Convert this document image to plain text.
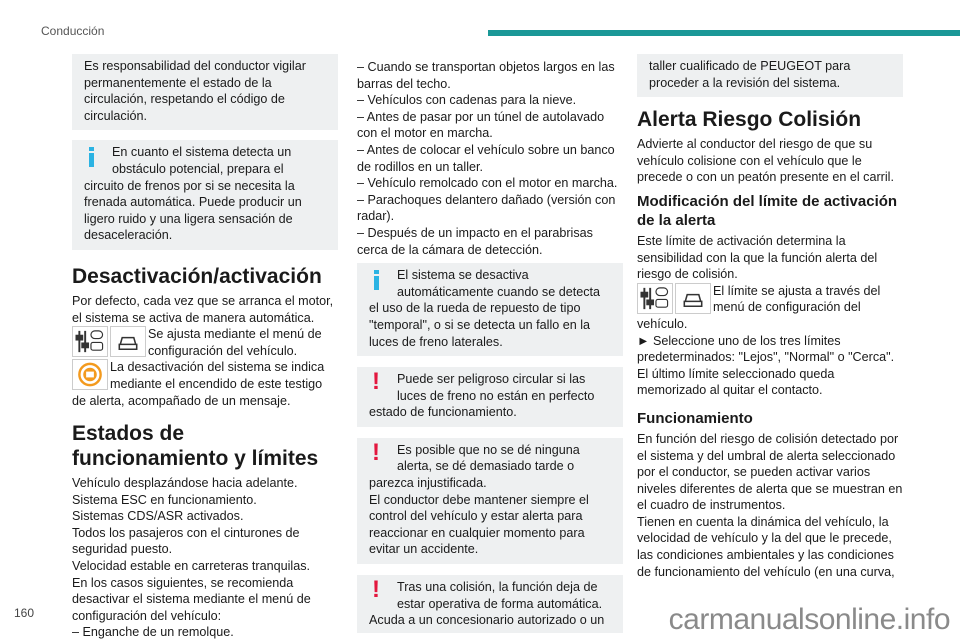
Conducción
160	carmanualsonline.info

Es responsabilidad del conductor vigilar permanentemente el estado de la circulación, respetando el código de circulación.

En cuanto el sistema detecta un obstáculo potencial, prepara el circuito de frenos por si se necesita la frenada automática. Puede producir un ligero ruido y una ligera sensación de desaceleración.

Desactivación/activación

Por defecto, cada vez que se arranca el motor, el sistema se activa de manera automática.

Se ajusta mediante el menú de configuración del vehículo.

La desactivación del sistema se indica mediante el encendido de este testigo de alerta, acompañado de un mensaje.

Estados de funcionamiento y límites

Vehículo desplazándose hacia adelante.

Sistema ESC en funcionamiento.

Sistemas CDS/ASR activados.

Todos los pasajeros con el cinturones de seguridad puesto.

Velocidad estable en carreteras tranquilas.

En los casos siguientes, se recomienda desactivar el sistema mediante el menú de configuración del vehículo:

– Enganche de un remolque.

– Cuando se transportan objetos largos en las barras del techo.

– Vehículos con cadenas para la nieve.

– Antes de pasar por un túnel de autolavado con el motor en marcha.

– Antes de colocar el vehículo sobre un banco de rodillos en un taller.

– Vehículo remolcado con el motor en marcha.

– Parachoques delantero dañado (versión con radar).

– Después de un impacto en el parabrisas cerca de la cámara de detección.

El sistema se desactiva automáticamente cuando se detecta el uso de la rueda de repuesto de tipo "temporal", o si se detecta un fallo en la luces de freno laterales.

!	Puede ser peligroso circular si las luces de freno no están en perfecto estado de funcionamiento.

!	Es posible que no se dé ninguna alerta, se dé demasiado tarde o parezca injustificada.

El conductor debe mantener siempre el control del vehículo y estar alerta para reaccionar en cualquier momento para evitar un accidente.

!	Tras una colisión, la función deja de estar operativa de forma automática. Acuda a un concesionario autorizado o un

taller cualificado de PEUGEOT para proceder a la revisión del sistema.

Alerta Riesgo Colisión

Advierte al conductor del riesgo de que su vehículo colisione con el vehículo que le precede o con un peatón presente en el carril.

Modificación del límite de activación de la alerta

Este límite de activación determina la sensibilidad con la que la función alerta del riesgo de colisión.

El límite se ajusta a través del menú de configuración del vehículo.

► Seleccione uno de los tres límites predeterminados: "Lejos", "Normal" o "Cerca".

El último límite seleccionado queda memorizado al quitar el contacto.

Funcionamiento

En función del riesgo de colisión detectado por el sistema y del umbral de alerta seleccionado por el conductor, se pueden activar varios niveles diferentes de alerta que se muestran en el cuadro de instrumentos.

Tienen en cuenta la dinámica del vehículo, la velocidad de vehículo y la del que le precede, las condiciones ambientales y las condiciones de funcionamiento del vehículo (en una curva,
